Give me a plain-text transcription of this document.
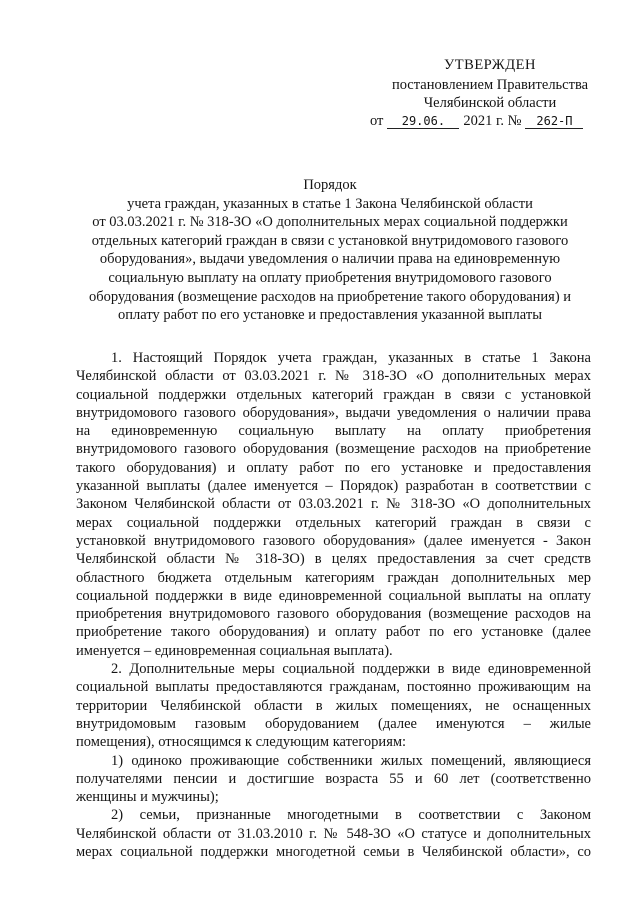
УТВЕРЖДЕН
постановлением Правительства
Челябинской области
от 29.06. 2021 г. № 262-П
Порядок
учета граждан, указанных в статье 1 Закона Челябинской области
от 03.03.2021 г. № 318-ЗО «О дополнительных мерах социальной поддержки
отдельных категорий граждан в связи с установкой внутридомового газового
оборудования», выдачи уведомления о наличии права на единовременную
социальную выплату на оплату приобретения внутридомового газового
оборудования (возмещение расходов на приобретение такого оборудования) и
оплату работ по его установке и предоставления указанной выплаты
1. Настоящий Порядок учета граждан, указанных в статье 1 Закона
Челябинской области от 03.03.2021 г. № 318-ЗО «О дополнительных мерах
социальной поддержки отдельных категорий граждан в связи с установкой
внутридомового газового оборудования», выдачи уведомления о наличии права
на единовременную социальную выплату на оплату приобретения
внутридомового газового оборудования (возмещение расходов на приобретение
такого оборудования) и оплату работ по его установке и предоставления
указанной выплаты (далее именуется – Порядок) разработан в соответствии с
Законом Челябинской области от 03.03.2021 г. № 318-ЗО «О дополнительных
мерах социальной поддержки отдельных категорий граждан в связи с
установкой внутридомового газового оборудования» (далее именуется - Закон
Челябинской области № 318-ЗО) в целях предоставления за счет средств
областного бюджета отдельным категориям граждан дополнительных мер
социальной поддержки в виде единовременной социальной выплаты на оплату
приобретения внутридомового газового оборудования (возмещение расходов на
приобретение такого оборудования) и оплату работ по его установке (далее
именуется – единовременная социальная выплата).
2. Дополнительные меры социальной поддержки в виде единовременной
социальной выплаты предоставляются гражданам, постоянно проживающим на
территории Челябинской области в жилых помещениях, не оснащенных
внутридомовым газовым оборудованием (далее именуются – жилые
помещения), относящимся к следующим категориям:
1) одиноко проживающие собственники жилых помещений, являющиеся
получателями пенсии и достигшие возраста 55 и 60 лет (соответственно
женщины и мужчины);
2) семьи, признанные многодетными в соответствии с Законом
Челябинской области от 31.03.2010 г. № 548-ЗО «О статусе и дополнительных
мерах социальной поддержки многодетной семьи в Челябинской области», со
